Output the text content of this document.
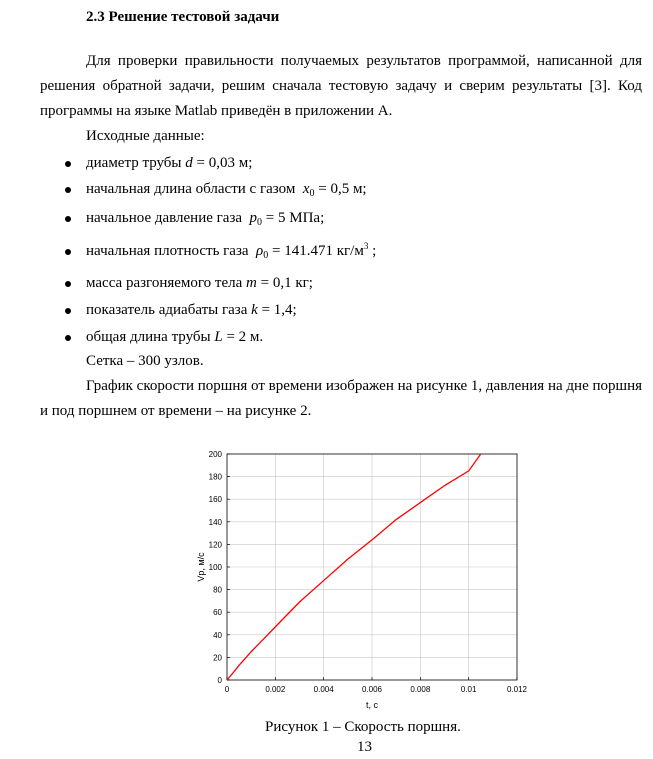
2.3 Решение тестовой задачи
Для проверки правильности получаемых результатов программой, написанной для
решения обратной задачи, решим сначала тестовую задачу и сверим результаты [3]. Код
программы на языке Matlab приведён в приложении А.
Исходные данные:
диаметр трубы d = 0,03 м;
начальная длина области с газом  $x_0 = 0,5$ м;
начальное давление газа  $p_0 = 5$ МПа;
начальная плотность газа  $\rho_0 = 141.471$ $кг/м^3$ ;
масса разгоняемого тела m = 0,1 кг;
показатель адиабаты газа k = 1,4;
общая длина трубы L = 2 м.
Сетка – 300 узлов.
График скорости поршня от времени изображен на рисунке 1, давления на дне поршня
и под поршнем от времени – на рисунке 2.
0	0.002	0.004	0.006	0.008	0.01	0.012
0
20
40
60
80
100
120
140
160
180
200
t, c
Vp, м/с
Рисунок 1 – Скорость поршня.
13
